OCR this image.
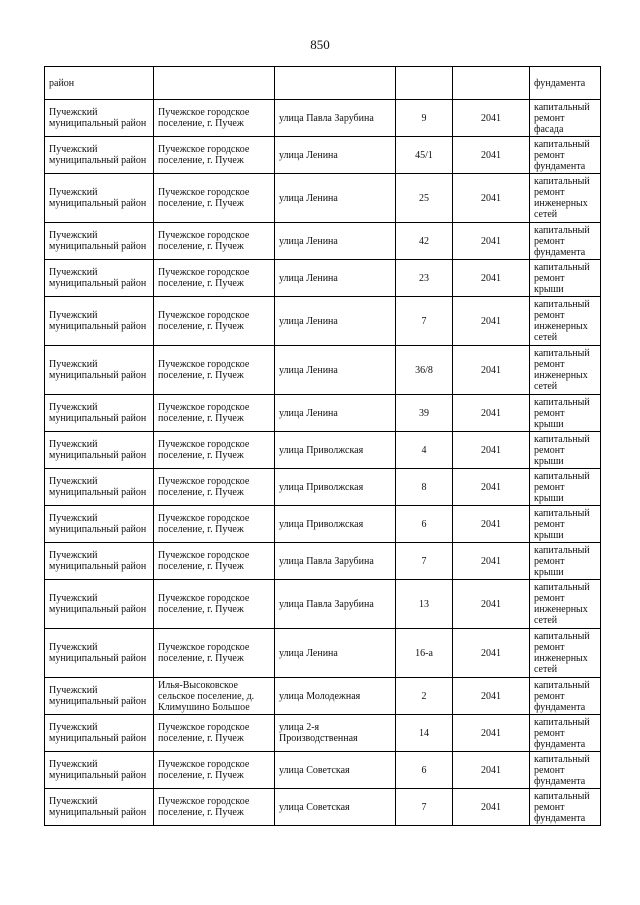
850
район					фундамента
Пучежский муниципальный район	Пучежское городское поселение, г. Пучеж	улица Павла Зарубина	9	2041	капитальный ремонт фасада
Пучежский муниципальный район	Пучежское городское поселение, г. Пучеж	улица Ленина	45/1	2041	капитальный ремонт фундамента
Пучежский муниципальный район	Пучежское городское поселение, г. Пучеж	улица Ленина	25	2041	капитальный ремонт инженерных сетей
Пучежский муниципальный район	Пучежское городское поселение, г. Пучеж	улица Ленина	42	2041	капитальный ремонт фундамента
Пучежский муниципальный район	Пучежское городское поселение, г. Пучеж	улица Ленина	23	2041	капитальный ремонт крыши
Пучежский муниципальный район	Пучежское городское поселение, г. Пучеж	улица Ленина	7	2041	капитальный ремонт инженерных сетей
Пучежский муниципальный район	Пучежское городское поселение, г. Пучеж	улица Ленина	36/8	2041	капитальный ремонт инженерных сетей
Пучежский муниципальный район	Пучежское городское поселение, г. Пучеж	улица Ленина	39	2041	капитальный ремонт крыши
Пучежский муниципальный район	Пучежское городское поселение, г. Пучеж	улица Приволжская	4	2041	капитальный ремонт крыши
Пучежский муниципальный район	Пучежское городское поселение, г. Пучеж	улица Приволжская	8	2041	капитальный ремонт крыши
Пучежский муниципальный район	Пучежское городское поселение, г. Пучеж	улица Приволжская	6	2041	капитальный ремонт крыши
Пучежский муниципальный район	Пучежское городское поселение, г. Пучеж	улица Павла Зарубина	7	2041	капитальный ремонт крыши
Пучежский муниципальный район	Пучежское городское поселение, г. Пучеж	улица Павла Зарубина	13	2041	капитальный ремонт инженерных сетей
Пучежский муниципальный район	Пучежское городское поселение, г. Пучеж	улица Ленина	16-а	2041	капитальный ремонт инженерных сетей
Пучежский муниципальный район	Илья-Высоковское сельское поселение, д. Климушино Большое	улица Молодежная	2	2041	капитальный ремонт фундамента
Пучежский муниципальный район	Пучежское городское поселение, г. Пучеж	улица 2-я Производственная	14	2041	капитальный ремонт фундамента
Пучежский муниципальный район	Пучежское городское поселение, г. Пучеж	улица Советская	6	2041	капитальный ремонт фундамента
Пучежский муниципальный район	Пучежское городское поселение, г. Пучеж	улица Советская	7	2041	капитальный ремонт фундамента
